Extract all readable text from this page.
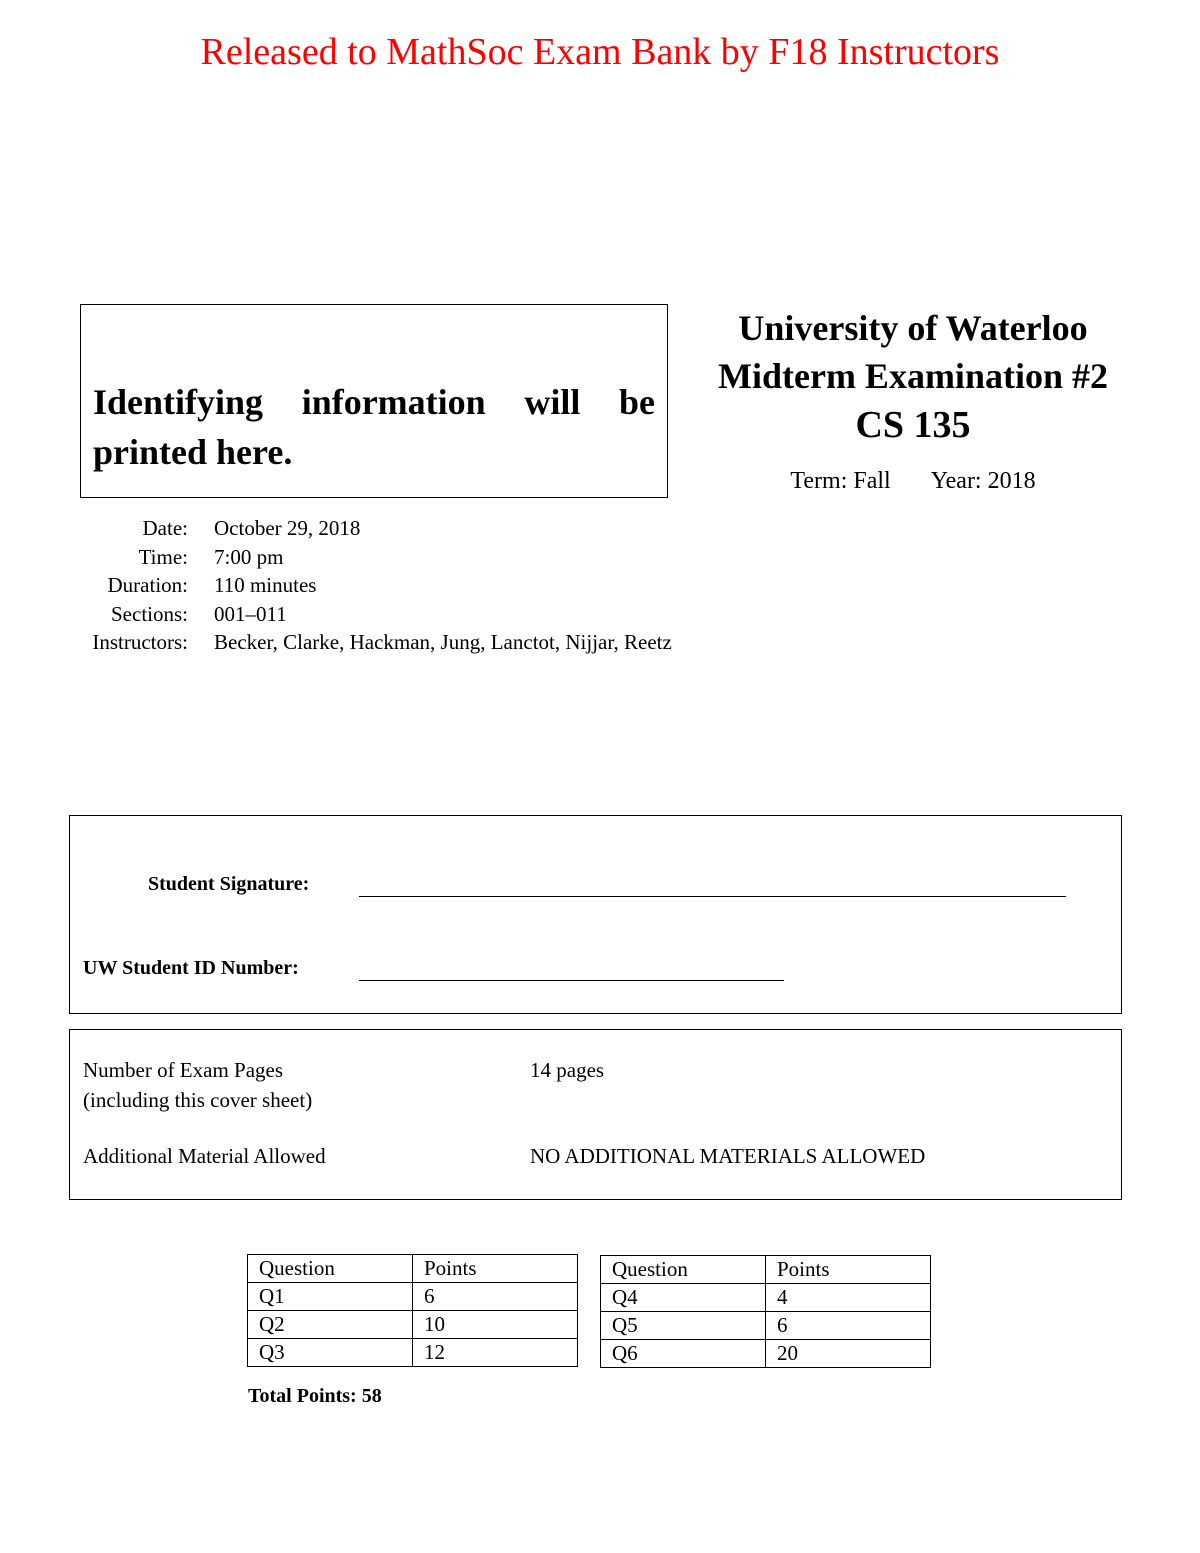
Released to MathSoc Exam Bank by F18 Instructors
Identifying information will be printed here.
University of Waterloo
Midterm Examination #2
CS 135
Term: Fall Year: 2018
Date: October 29, 2018
Time: 7:00 pm
Duration: 110 minutes
Sections: 001–011
Instructors: Becker, Clarke, Hackman, Jung, Lanctot, Nijjar, Reetz
Student Signature:
UW Student ID Number:
Number of Exam Pages
(including this cover sheet)
14 pages
Additional Material Allowed	NO ADDITIONAL MATERIALS ALLOWED
Question	Points
Q1	6
Q2	10
Q3	12
Question	Points
Q4	4
Q5	6
Q6	20
Total Points: 58
